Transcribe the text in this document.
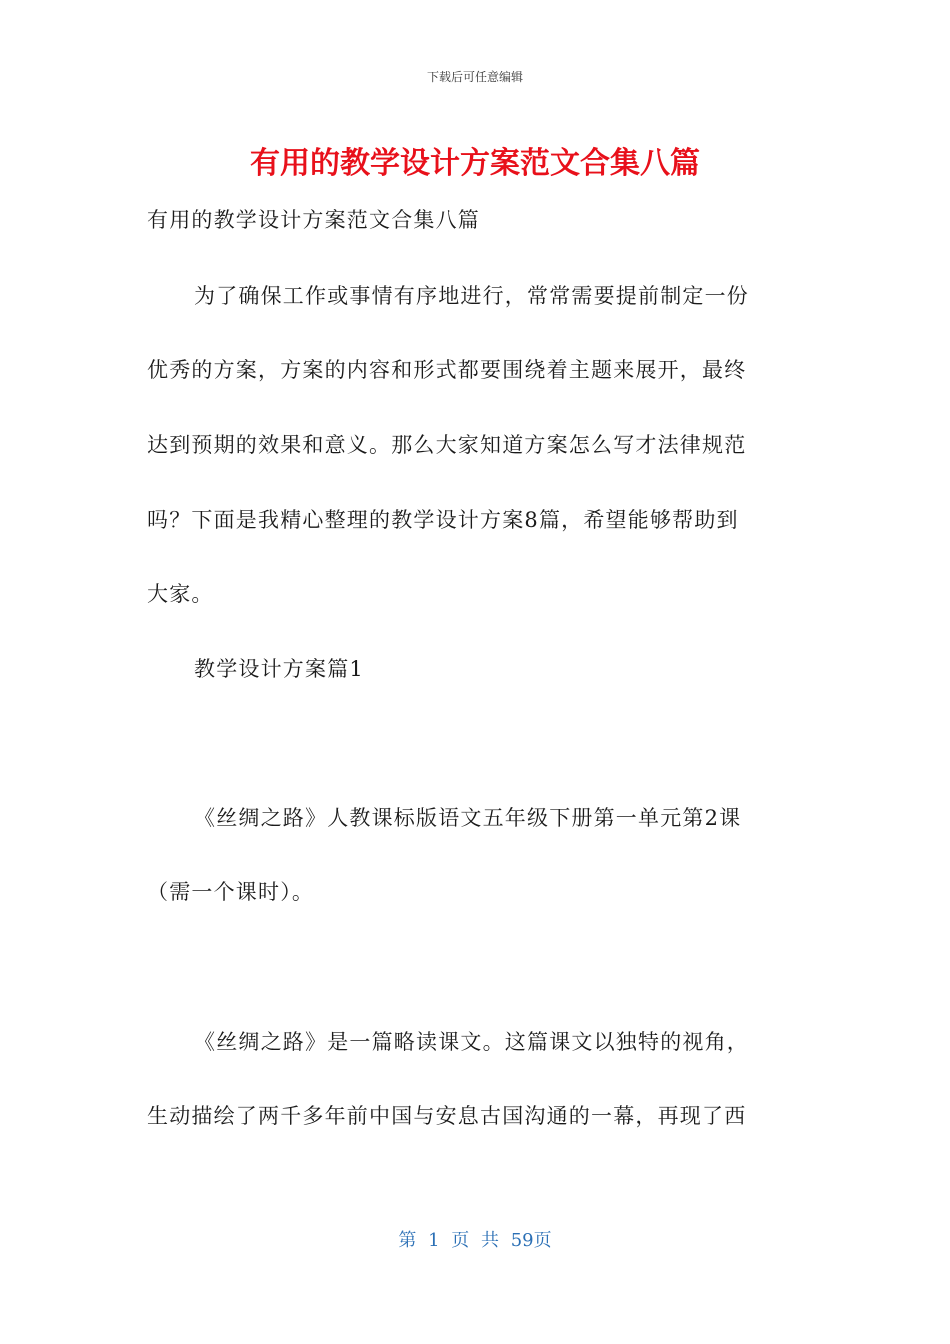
下载后可任意编辑
有用的教学设计方案范文合集八篇
有用的教学设计方案范文合集八篇
为了确保工作或事情有序地进行，常常需要提前制定一份
优秀的方案，方案的内容和形式都要围绕着主题来展开，最终
达到预期的效果和意义。那么大家知道方案怎么写才法律规范
吗？下面是我精心整理的教学设计方案8篇，希望能够帮助到
大家。
教学设计方案篇1
《丝绸之路》人教课标版语文五年级下册第一单元第2课
（需一个课时）。
《丝绸之路》是一篇略读课文。这篇课文以独特的视角，
生动描绘了两千多年前中国与安息古国沟通的一幕，再现了西
第 1 页 共 59页
